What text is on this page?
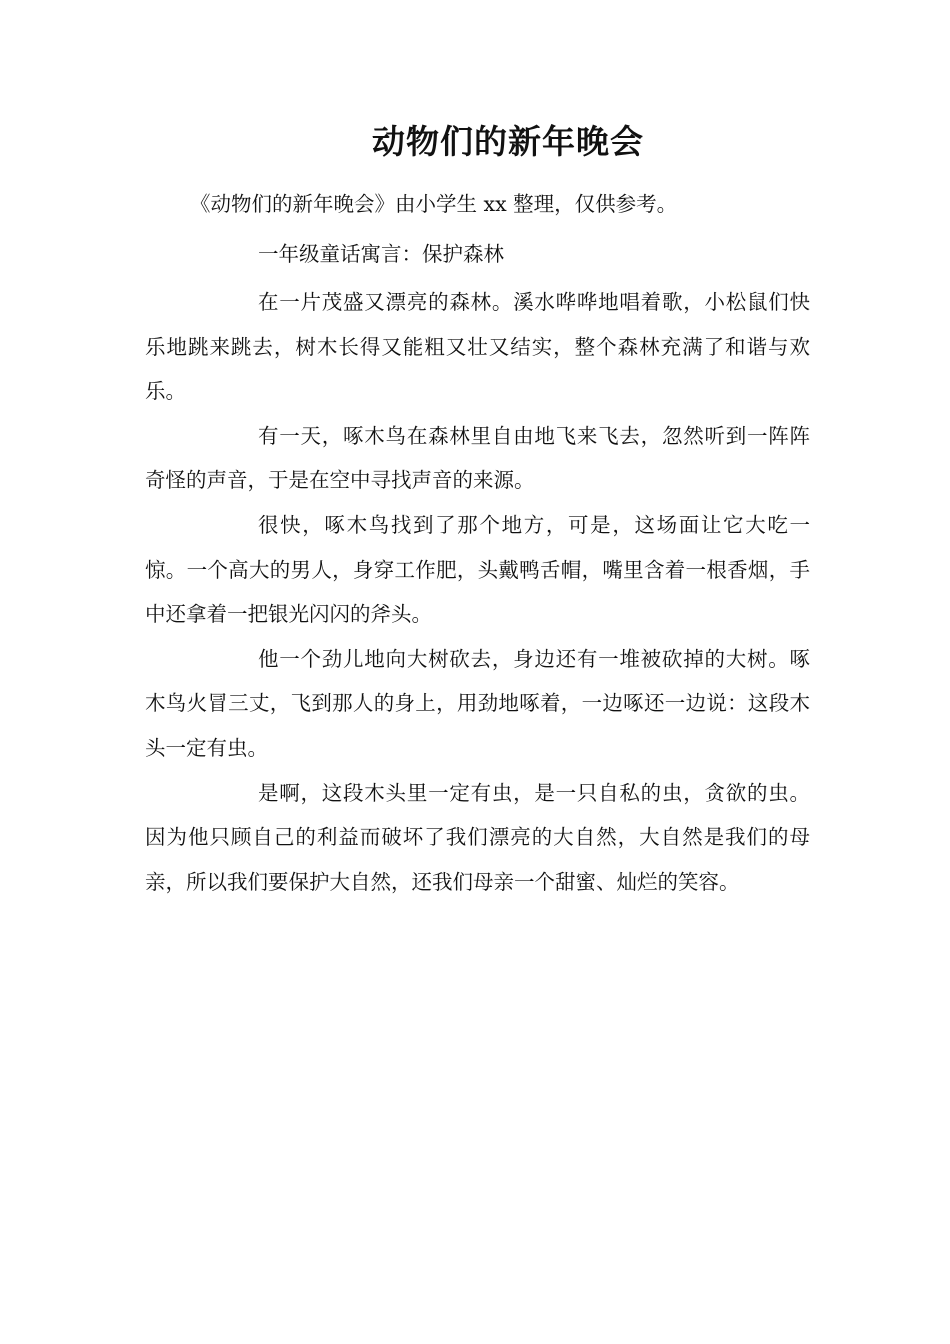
动物们的新年晚会
《动物们的新年晚会》由小学生 xx 整理，仅供参考。
一年级童话寓言：保护森林

在一片茂盛又漂亮的森林。溪水哗哗地唱着歌，小松鼠们快乐地跳来跳去，树木长得又能粗又壮又结实，整个森林充满了和谐与欢乐。

有一天，啄木鸟在森林里自由地飞来飞去，忽然听到一阵阵奇怪的声音，于是在空中寻找声音的来源。

很快，啄木鸟找到了那个地方，可是，这场面让它大吃一惊。一个高大的男人，身穿工作肥，头戴鸭舌帽，嘴里含着一根香烟，手中还拿着一把银光闪闪的斧头。

他一个劲儿地向大树砍去，身边还有一堆被砍掉的大树。啄木鸟火冒三丈，飞到那人的身上，用劲地啄着，一边啄还一边说：这段木头一定有虫。

是啊，这段木头里一定有虫，是一只自私的虫，贪欲的虫。因为他只顾自己的利益而破坏了我们漂亮的大自然，大自然是我们的母亲，所以我们要保护大自然，还我们母亲一个甜蜜、灿烂的笑容。
